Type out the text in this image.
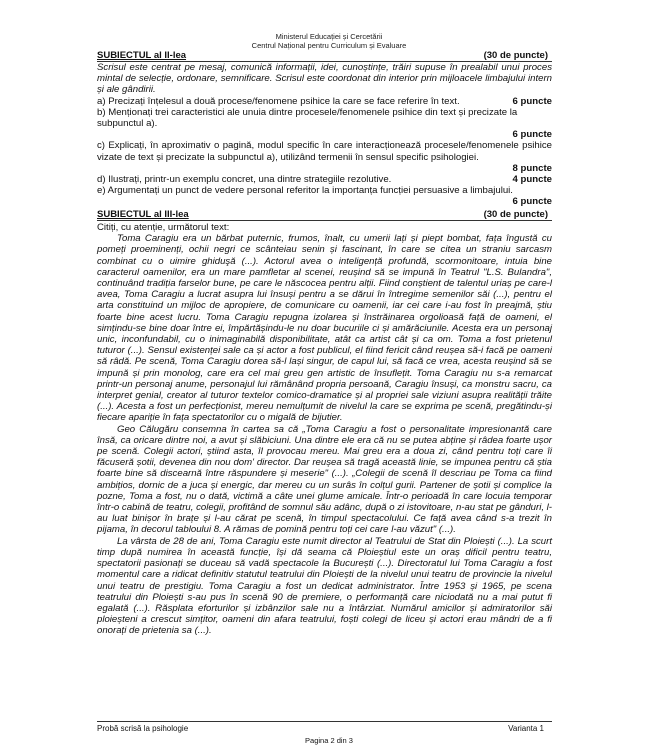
Ministerul Educației și Cercetării
Centrul Național pentru Curriculum și Evaluare
SUBIECTUL al II-lea	(30 de puncte)
Scrisul este centrat pe mesaj, comunică informații, idei, cunoștințe, trăiri supuse în prealabil unui proces mintal de selecție, ordonare, semnificare. Scrisul este coordonat din interior prin mijloacele limbajului intern și ale gândirii.
a) Precizați înțelesul a două procese/fenomene psihice la care se face referire în text.	6 puncte
b) Menționați trei caracteristici ale unuia dintre procesele/fenomenele psihice din text și precizate la subpunctul a).
6 puncte
c) Explicați, în aproximativ o pagină, modul specific în care interacționează procesele/fenomenele psihice vizate de text și precizate la subpunctul a), utilizând termenii în sensul specific psihologiei.
8 puncte
d) Ilustrați, printr-un exemplu concret, una dintre strategiile rezolutive.	4 puncte
e) Argumentați un punct de vedere personal referitor la importanța funcției persuasive a limbajului.
6 puncte
SUBIECTUL al III-lea	(30 de puncte)
Citiți, cu atenție, următorul text:

Toma Caragiu era un bărbat puternic, frumos, înalt, cu umerii lați și piept bombat, fața îngustă cu pomeți proeminenți, ochii negri ce scânteiau senin și fascinant, în care se citea un straniu sarcasm combinat cu o uimire ghiduşă (...). Actorul avea o inteligență profundă, scormonitoare, intuia bine caracterul oamenilor, era un mare pamfletar al scenei, reușind să se impună în Teatrul "L.S. Bulandra", continuând tradiția farselor bune, pe care le născocea pentru alții. Fiind conștient de talentul uriaș pe care-l avea, Toma Caragiu a lucrat asupra lui însuși pentru a se dărui în întregime semenilor săi (...), pentru el arta constituind un mijloc de apropiere, de comunicare cu oamenii, iar cei care i-au fost în preajmă, știu foarte bine acest lucru. Toma Caragiu repugna izolarea și înstrăinarea orgolioasă față de oameni, el simțindu-se bine doar între ei, împărtășindu-le nu doar bucuriile ci și amărăciunile. Acesta era un personaj unic, inconfundabil, cu o inimaginabilă disponibilitate, atât ca artist cât și ca om. Toma a fost prietenul tuturor (...). Sensul existenței sale ca și actor a fost publicul, el fiind fericit când reușea să-i facă pe oameni să râdă. Pe scenă, Toma Caragiu dorea să-l lași singur, de capul lui, să facă ce vrea, acesta reușind să se impună și prin monolog, care era cel mai greu gen artistic de însuflețit. Toma Caragiu nu s-a remarcat printr-un personaj anume, personajul lui rămânând propria persoană, Caragiu însuși, ca monstru sacru, ca interpret genial, creator al tuturor textelor comico-dramatice și al propriei sale viziuni asupra realității trăite (...). Acesta a fost un perfecționist, mereu nemulțumit de nivelul la care se exprima pe scenă, pregătindu-și fiecare apariție în fața spectatorilor cu o migală de bijutier.

Geo Călugăru consemna în cartea sa că „Toma Caragiu a fost o personalitate impresionantă care însă, ca oricare dintre noi, a avut și slăbiciuni. Una dintre ele era că nu se putea abține și râdea foarte ușor pe scenă. Colegii actori, știind asta, îl provocau mereu. Mai greu era a doua zi, când pentru toți care îi făcuseră șotii, devenea din nou dom' director. Dar reușea să tragă această linie, se impunea pentru că știa foarte bine să discearnă între răspundere și meserie" (...). „Colegii de scenă îl descriau pe Toma ca fiind ambițios, dornic de a juca și energic, dar mereu cu un surâs în colțul gurii. Partener de șotii și complice la pozne, Toma a fost, nu o dată, victimă a câte unei glume amicale. Într-o perioadă în care locuia temporar într-o cabină de teatru, colegii, profitând de somnul său adânc, după o zi istovitoare, n-au stat pe gânduri, l-au luat binișor în brațe și l-au cărat pe scenă, în timpul spectacolului. Ce față avea când s-a trezit în pijama, în decorul tabloului 8. A rămas de pomină pentru toți cei care l-au văzut" (...).

La vârsta de 28 de ani, Toma Caragiu este numit director al Teatrului de Stat din Ploiești (...). La scurt timp după numirea în această funcție, își dă seama că Ploieștiul este un oraș dificil pentru teatru, spectatorii pasionați se duceau să vadă spectacole la București (...). Directoratul lui Toma Caragiu a fost momentul care a ridicat definitiv statutul teatrului din Ploiești de la nivelul unui teatru de provincie la nivelul unui teatru de prestigiu. Toma Caragiu a fost un dedicat administrator. Între 1953 și 1965, pe scena teatrului din Ploiești s-au pus în scenă 90 de premiere, o performanță care niciodată nu a mai putut fi egalată (...). Răsplata eforturilor și izbânzilor sale nu a întârziat. Numărul amicilor și admiratorilor săi ploieșteni a crescut simțitor, oameni din afara teatrului, foști colegi de liceu și actori erau mândri de a fi onorați de prietenia sa (...).

Probă scrisă la psihologie	Varianta 1
Pagina 2 din 3
